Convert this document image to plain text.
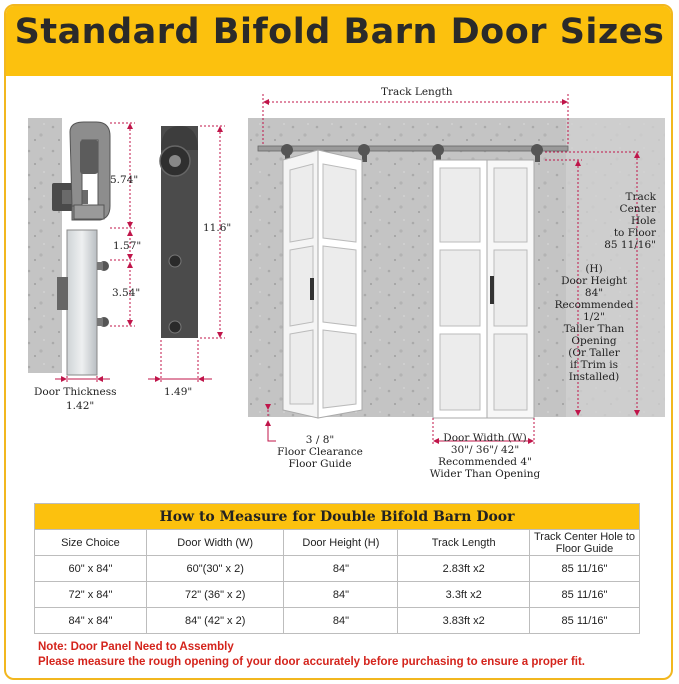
Standard Bifold Barn Door Sizes
5.74"
1.57"
3.54"
11.6"
Door Thickness
1.42"
1.49"
Track Length
Track
Center
Hole
to Floor
85 11/16"
(H)
Door Height
84"
Recommended
1/2"
Taller Than
Opening
(Or Taller
if Trim is
Installed)
3 / 8"
Floor Clearance
Floor Guide
Door Width (W)
30"/ 36"/ 42"
Recommended 4"
Wider Than Opening
How to Measure for Double Bifold Barn Door				
Size Choice	Door Width (W)	Door Height (H)	Track Length	Track Center Hole to Floor Guide
60" x 84"	60"(30" x 2)	84"	2.83ft x2	85 11/16"
72" x 84"	72" (36" x 2)	84"	3.3ft x2	85 11/16"
84" x 84"	84" (42" x 2)	84"	3.83ft x2	85 11/16"
Note: Door Panel Need to Assembly
Please measure the rough opening of your door accurately before purchasing to ensure a proper fit.
